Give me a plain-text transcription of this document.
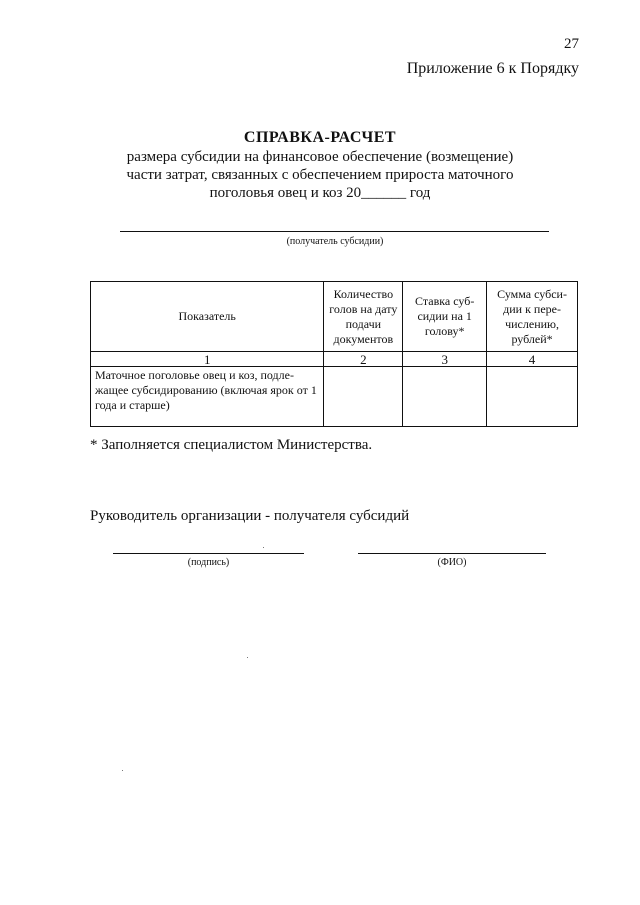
27
Приложение 6 к Порядку
СПРАВКА-РАСЧЕТ
размера субсидии на финансовое обеспечение (возмещение)
части затрат, связанных с обеспечением прироста маточного
поголовья овец и коз 20______ год
(получатель субсидии)
Показатель	Количество голов на дату подачи документов	Ставка суб- сидии на 1 голову*	Сумма субси- дии к пере- числению, рублей*
1	2	3	4
Маточное поголовье овец и коз, подле- жащее субсидированию (включая ярок от 1 года и старше)			
* Заполняется специалистом Министерства.
Руководитель организации - получателя субсидий
(подпись)	(ФИО)
